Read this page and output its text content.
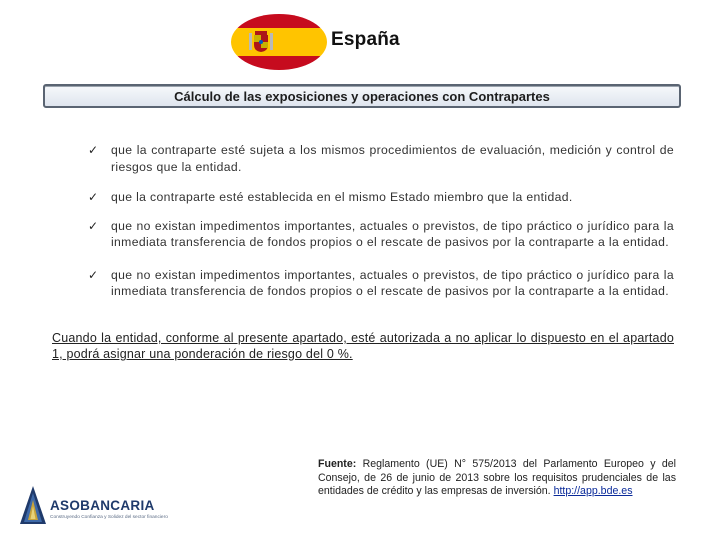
España
Cálculo de las exposiciones y operaciones con Contrapartes
✓ que la contraparte esté sujeta a los mismos procedimientos de evaluación, medición y control de riesgos que la entidad.
✓ que la contraparte esté establecida en el mismo Estado miembro que la entidad.
✓ que no existan impedimentos importantes, actuales o previstos, de tipo práctico o jurídico para la inmediata transferencia de fondos propios o el rescate de pasivos por la contraparte a la entidad.
✓ que no existan impedimentos importantes, actuales o previstos, de tipo práctico o jurídico para la inmediata transferencia de fondos propios o el rescate de pasivos por la contraparte a la entidad.
Cuando la entidad, conforme al presente apartado, esté autorizada a no aplicar lo dispuesto en el apartado 1, podrá asignar una ponderación de riesgo del 0 %.
Fuente: Reglamento (UE) N° 575/2013 del Parlamento Europeo y del Consejo, de 26 de junio de 2013 sobre los requisitos prudenciales de las entidades de crédito y las empresas de inversión. http://app.bde.es
ASOBANCARIA
Construyendo Confianza y Solidez del sector financiero
